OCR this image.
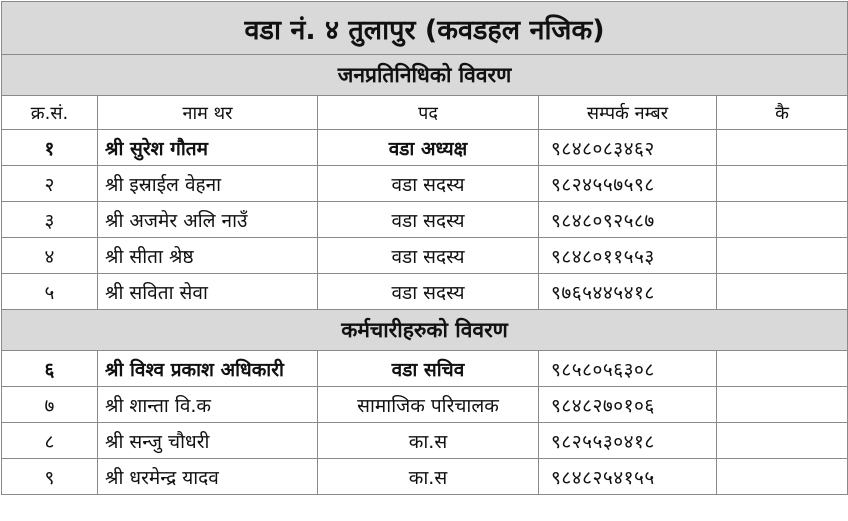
वडा नं. ४ तुलापुर (कवडहल नजिक)				
जनप्रतिनिधिको विवरण				
क्र.सं.	नाम थर	पद	सम्पर्क नम्बर	कै
१	श्री सुरेश गौतम	वडा अध्यक्ष	९८४८०८३४६२	
२	श्री इस्राईल वेहना	वडा सदस्य	९८२४५५७५९८	
३	श्री अजमेर अलि नाउँ	वडा सदस्य	९८४८०९२५८७	
४	श्री सीता श्रेष्ठ	वडा सदस्य	९८४८०११५५३	
५	श्री सविता सेवा	वडा सदस्य	९७६५४४५४१८	
कर्मचारीहरुको विवरण				
६	श्री विश्व प्रकाश अधिकारी	वडा सचिव	९८५८०५६३०८	
७	श्री शान्ता वि.क	सामाजिक परिचालक	९८४८२७०१०६	
८	श्री सन्जु चौधरी	का.स	९८२५५३०४१८	
९	श्री धरमेन्द्र यादव	का.स	९८४८२५४१५५	
